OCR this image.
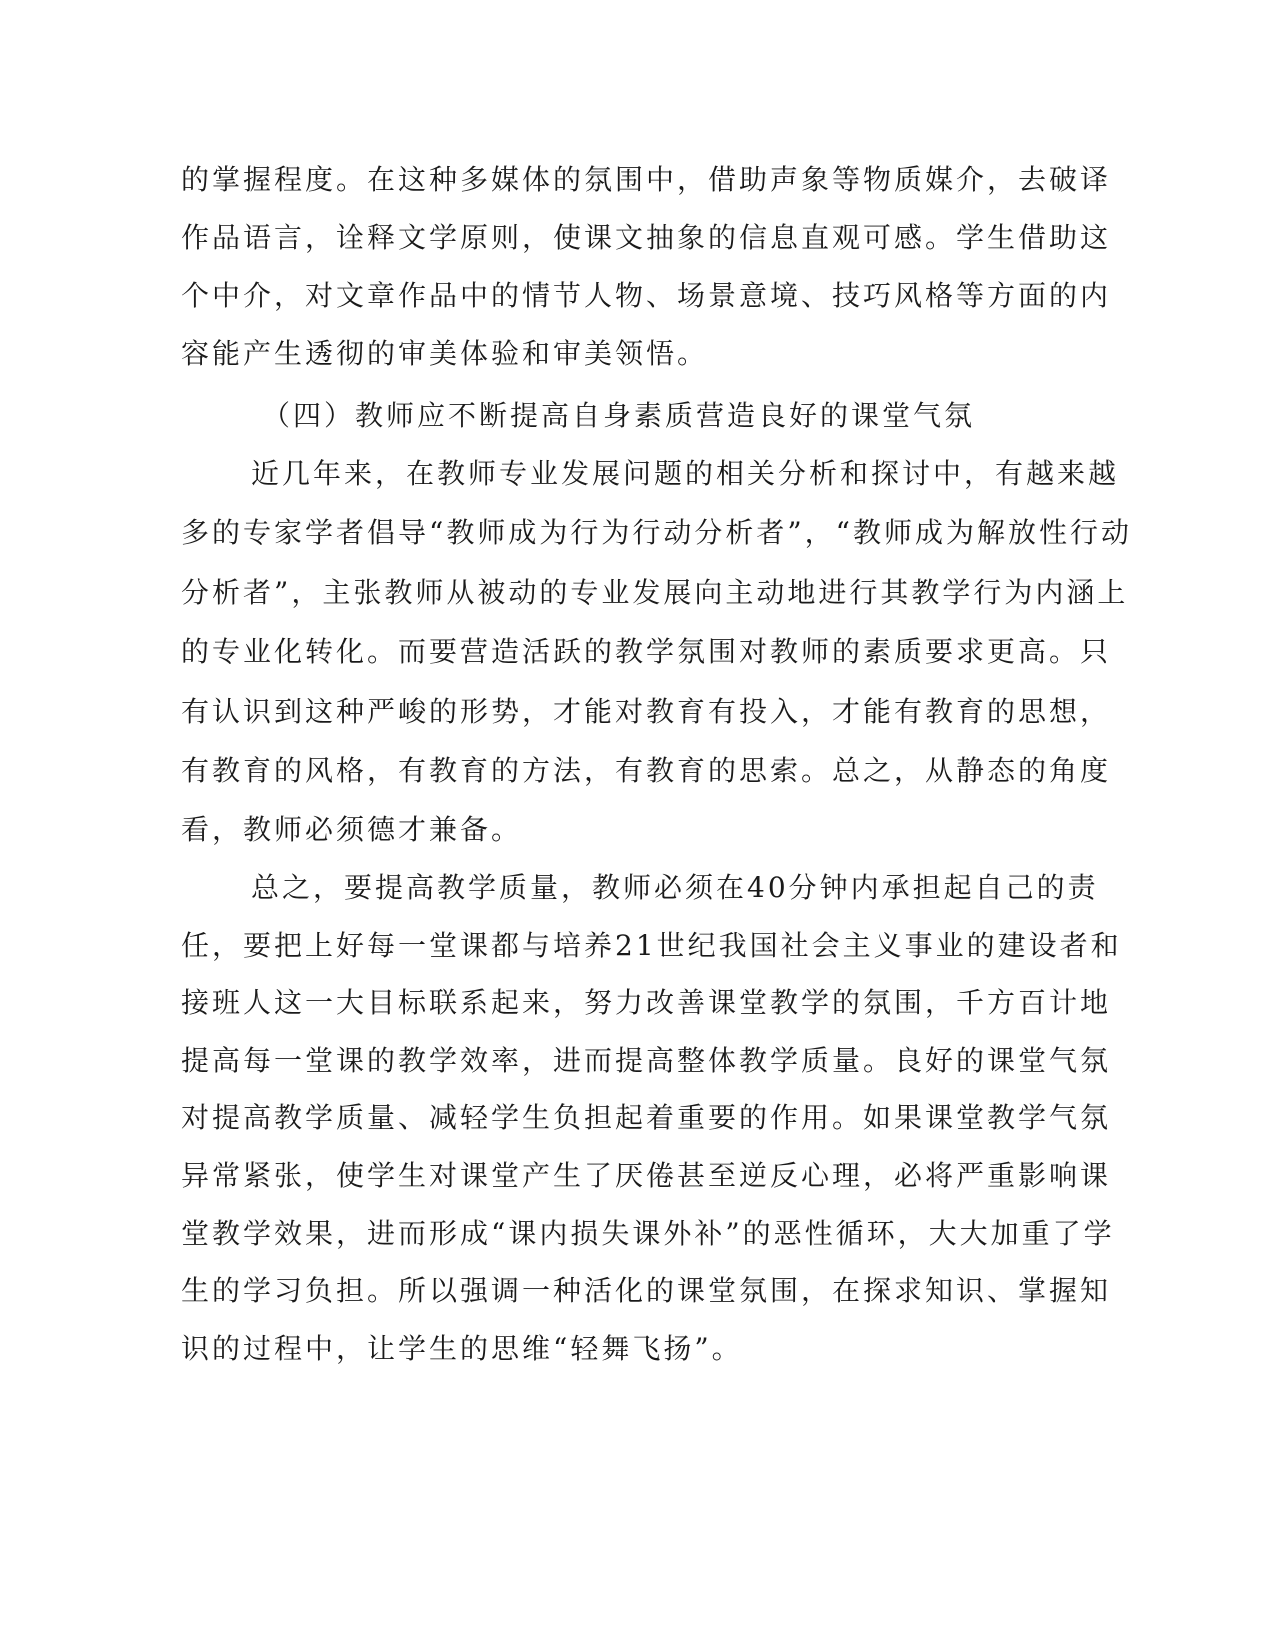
的掌握程度。在这种多媒体的氛围中，借助声象等物质媒介，去破译
作品语言，诠释文学原则，使课文抽象的信息直观可感。学生借助这
个中介，对文章作品中的情节人物、场景意境、技巧风格等方面的内
容能产生透彻的审美体验和审美领悟。
（四）教师应不断提高自身素质营造良好的课堂气氛
近几年来，在教师专业发展问题的相关分析和探讨中，有越来越
多的专家学者倡导“教师成为行为行动分析者”，“教师成为解放性行动
分析者”，主张教师从被动的专业发展向主动地进行其教学行为内涵上
的专业化转化。而要营造活跃的教学氛围对教师的素质要求更高。只
有认识到这种严峻的形势，才能对教育有投入，才能有教育的思想，
有教育的风格，有教育的方法，有教育的思索。总之，从静态的角度
看，教师必须德才兼备。
总之，要提高教学质量，教师必须在40分钟内承担起自己的责
任，要把上好每一堂课都与培养21世纪我国社会主义事业的建设者和
接班人这一大目标联系起来，努力改善课堂教学的氛围，千方百计地
提高每一堂课的教学效率，进而提高整体教学质量。良好的课堂气氛
对提高教学质量、减轻学生负担起着重要的作用。如果课堂教学气氛
异常紧张，使学生对课堂产生了厌倦甚至逆反心理，必将严重影响课
堂教学效果，进而形成“课内损失课外补”的恶性循环，大大加重了学
生的学习负担。所以强调一种活化的课堂氛围，在探求知识、掌握知
识的过程中，让学生的思维“轻舞飞扬”。
